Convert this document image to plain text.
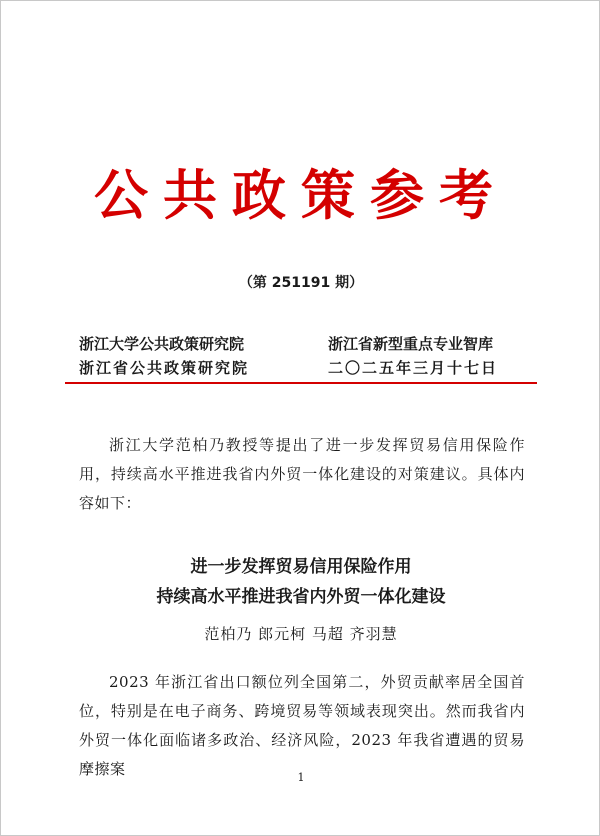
公共政策参考
（第 251191 期）
浙江大学公共政策研究院
浙江省公共政策研究院
浙江省新型重点专业智库
二〇二五年三月十七日
浙江大学范柏乃教授等提出了进一步发挥贸易信用保险作用，持续高水平推进我省内外贸一体化建设的对策建议。具体内容如下：
进一步发挥贸易信用保险作用
持续高水平推进我省内外贸一体化建设
范柏乃 郎元柯 马超 齐羽慧
2023 年浙江省出口额位列全国第二，外贸贡献率居全国首位，特别是在电子商务、跨境贸易等领域表现突出。然而我省内外贸一体化面临诸多政治、经济风险，2023 年我省遭遇的贸易摩擦案	1
